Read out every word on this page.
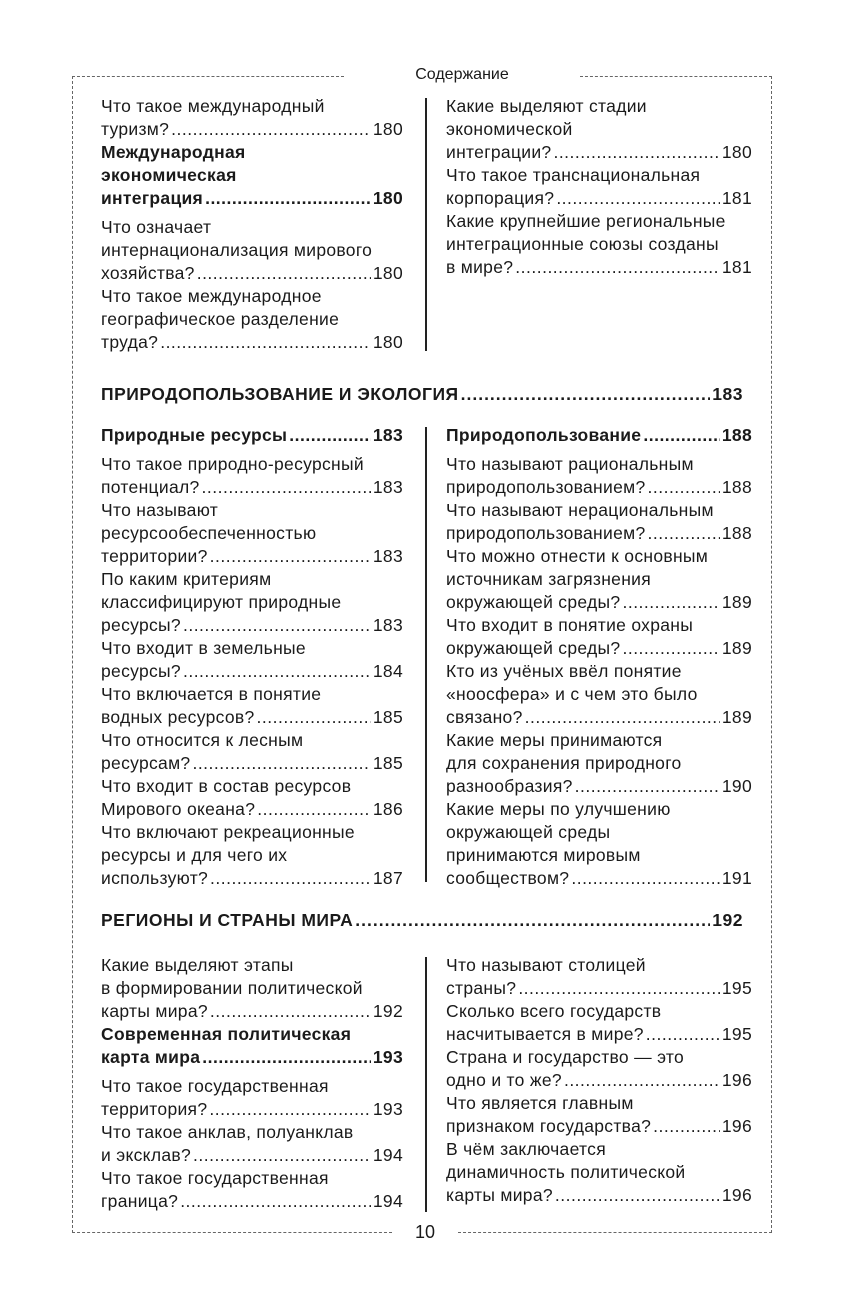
Содержание
10
Что такое международный
туризм? .....	180
Международная
экономическая
интеграция .....	180
Что означает
интернационализация мирового
хозяйства? .....	180
Что такое международное
географическое разделение
труда? .....	180
Какие выделяют стадии
экономической
интеграции? .....	180
Что такое транснациональная
корпорация? .....	181
Какие крупнейшие региональные
интеграционные союзы созданы
в мире? .....	181
ПРИРОДОПОЛЬЗОВАНИЕ И ЭКОЛОГИЯ .....	183
Природные ресурсы .....	183
Что такое природно-ресурсный
потенциал? .....	183
Что называют
ресурсообеспеченностью
территории? .....	183
По каким критериям
классифицируют природные
ресурсы? .....	183
Что входит в земельные
ресурсы? .....	184
Что включается в понятие
водных ресурсов? .....	185
Что относится к лесным
ресурсам? .....	185
Что входит в состав ресурсов
Мирового океана? .....	186
Что включают рекреационные
ресурсы и для чего их
используют? .....	187
Природопользование .....	188
Что называют рациональным
природопользованием? .....	188
Что называют нерациональным
природопользованием? .....	188
Что можно отнести к основным
источникам загрязнения
окружающей среды? .....	189
Что входит в понятие охраны
окружающей среды? .....	189
Кто из учёных ввёл понятие
«ноосфера» и с чем это было
связано? .....	189
Какие меры принимаются
для сохранения природного
разнообразия? .....	190
Какие меры по улучшению
окружающей среды
принимаются мировым
сообществом? .....	191
РЕГИОНЫ И СТРАНЫ МИРА .....	192
Какие выделяют этапы
в формировании политической
карты мира? .....	192
Современная политическая
карта мира .....	193
Что такое государственная
территория? .....	193
Что такое анклав, полуанклав
и эксклав? .....	194
Что такое государственная
граница? .....	194
Что называют столицей
страны? .....	195
Сколько всего государств
насчитывается в мире? .....	195
Страна и государство — это
одно и то же? .....	196
Что является главным
признаком государства? .....	196
В чём заключается
динамичность политической
карты мира? .....	196
